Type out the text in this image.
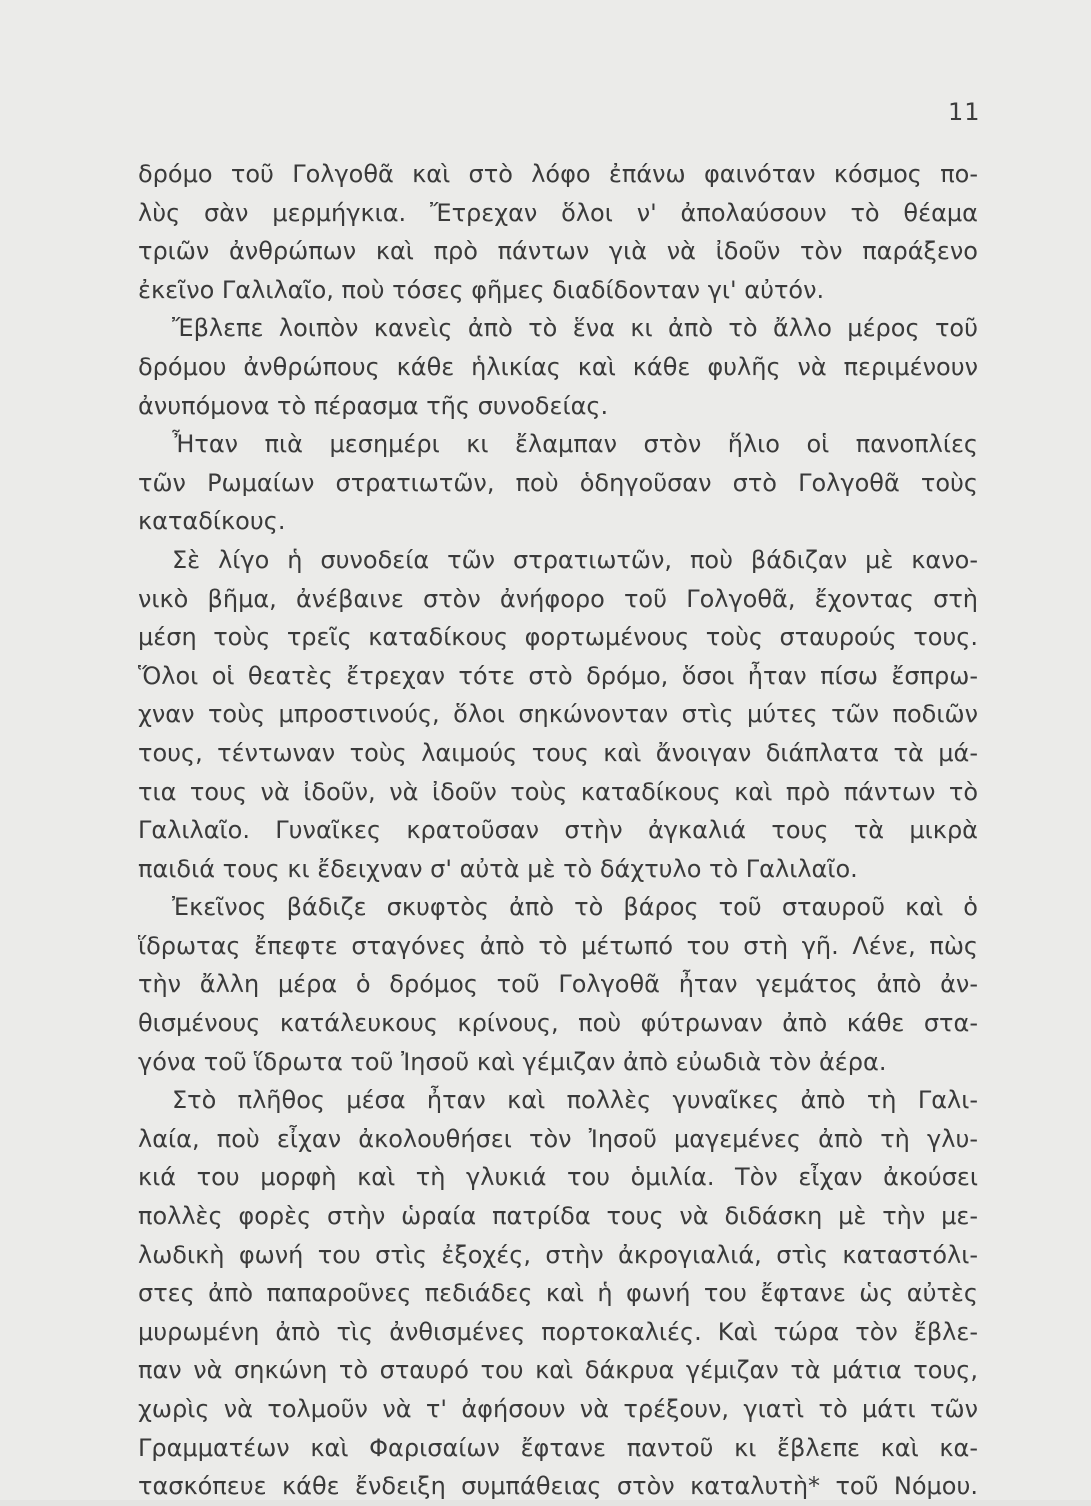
11
δρόμο τοῦ Γολγοθᾶ καὶ στὸ λόφο ἐπάνω φαινόταν κόσμος πο-
λὺς σὰν μερμήγκια. Ἔτρεχαν ὅλοι ν' ἀπολαύσουν τὸ θέαμα
τριῶν ἀνθρώπων καὶ πρὸ πάντων γιὰ νὰ ἰδοῦν τὸν παράξενο
ἐκεῖνο Γαλιλαῖο, ποὺ τόσες φῆμες διαδίδονταν γι' αὐτόν.
Ἔβλεπε λοιπὸν κανεὶς ἀπὸ τὸ ἕνα κι ἀπὸ τὸ ἄλλο μέρος τοῦ
δρόμου ἀνθρώπους κάθε ἡλικίας καὶ κάθε φυλῆς νὰ περιμένουν
ἀνυπόμονα τὸ πέρασμα τῆς συνοδείας.
Ἦταν πιὰ μεσημέρι κι ἔλαμπαν στὸν ἥλιο οἱ πανοπλίες
τῶν Ρωμαίων στρατιωτῶν, ποὺ ὁδηγοῦσαν στὸ Γολγοθᾶ τοὺς
καταδίκους.
Σὲ λίγο ἡ συνοδεία τῶν στρατιωτῶν, ποὺ βάδιζαν μὲ κανο-
νικὸ βῆμα, ἀνέβαινε στὸν ἀνήφορο τοῦ Γολγοθᾶ, ἔχοντας στὴ
μέση τοὺς τρεῖς καταδίκους φορτωμένους τοὺς σταυρούς τους.
Ὅλοι οἱ θεατὲς ἔτρεχαν τότε στὸ δρόμο, ὅσοι ἦταν πίσω ἔσπρω-
χναν τοὺς μπροστινούς, ὅλοι σηκώνονταν στὶς μύτες τῶν ποδιῶν
τους, τέντωναν τοὺς λαιμούς τους καὶ ἄνοιγαν διάπλατα τὰ μά-
τια τους νὰ ἰδοῦν, νὰ ἰδοῦν τοὺς καταδίκους καὶ πρὸ πάντων τὸ
Γαλιλαῖο. Γυναῖκες κρατοῦσαν στὴν ἀγκαλιά τους τὰ μικρὰ
παιδιά τους κι ἔδειχναν σ' αὐτὰ μὲ τὸ δάχτυλο τὸ Γαλιλαῖο.
Ἐκεῖνος βάδιζε σκυφτὸς ἀπὸ τὸ βάρος τοῦ σταυροῦ καὶ ὁ
ἵδρωτας ἔπεφτε σταγόνες ἀπὸ τὸ μέτωπό του στὴ γῆ. Λένε, πὼς
τὴν ἄλλη μέρα ὁ δρόμος τοῦ Γολγοθᾶ ἦταν γεμάτος ἀπὸ ἀν-
θισμένους κατάλευκους κρίνους, ποὺ φύτρωναν ἀπὸ κάθε στα-
γόνα τοῦ ἵδρωτα τοῦ Ἰησοῦ καὶ γέμιζαν ἀπὸ εὐωδιὰ τὸν ἀέρα.
Στὸ πλῆθος μέσα ἦταν καὶ πολλὲς γυναῖκες ἀπὸ τὴ Γαλι-
λαία, ποὺ εἶχαν ἀκολουθήσει τὸν Ἰησοῦ μαγεμένες ἀπὸ τὴ γλυ-
κιά του μορφὴ καὶ τὴ γλυκιά του ὁμιλία. Τὸν εἶχαν ἀκούσει
πολλὲς φορὲς στὴν ὡραία πατρίδα τους νὰ διδάσκη μὲ τὴν με-
λωδικὴ φωνή του στὶς ἐξοχές, στὴν ἀκρογιαλιά, στὶς καταστόλι-
στες ἀπὸ παπαροῦνες πεδιάδες καὶ ἡ φωνή του ἔφτανε ὡς αὐτὲς
μυρωμένη ἀπὸ τὶς ἀνθισμένες πορτοκαλιές. Καὶ τώρα τὸν ἔβλε-
παν νὰ σηκώνη τὸ σταυρό του καὶ δάκρυα γέμιζαν τὰ μάτια τους,
χωρὶς νὰ τολμοῦν νὰ τ' ἀφήσουν νὰ τρέξουν, γιατὶ τὸ μάτι τῶν
Γραμματέων καὶ Φαρισαίων ἔφτανε παντοῦ κι ἔβλεπε καὶ κα-
τασκόπευε κάθε ἔνδειξη συμπάθειας στὸν καταλυτὴ* τοῦ Νόμου.
